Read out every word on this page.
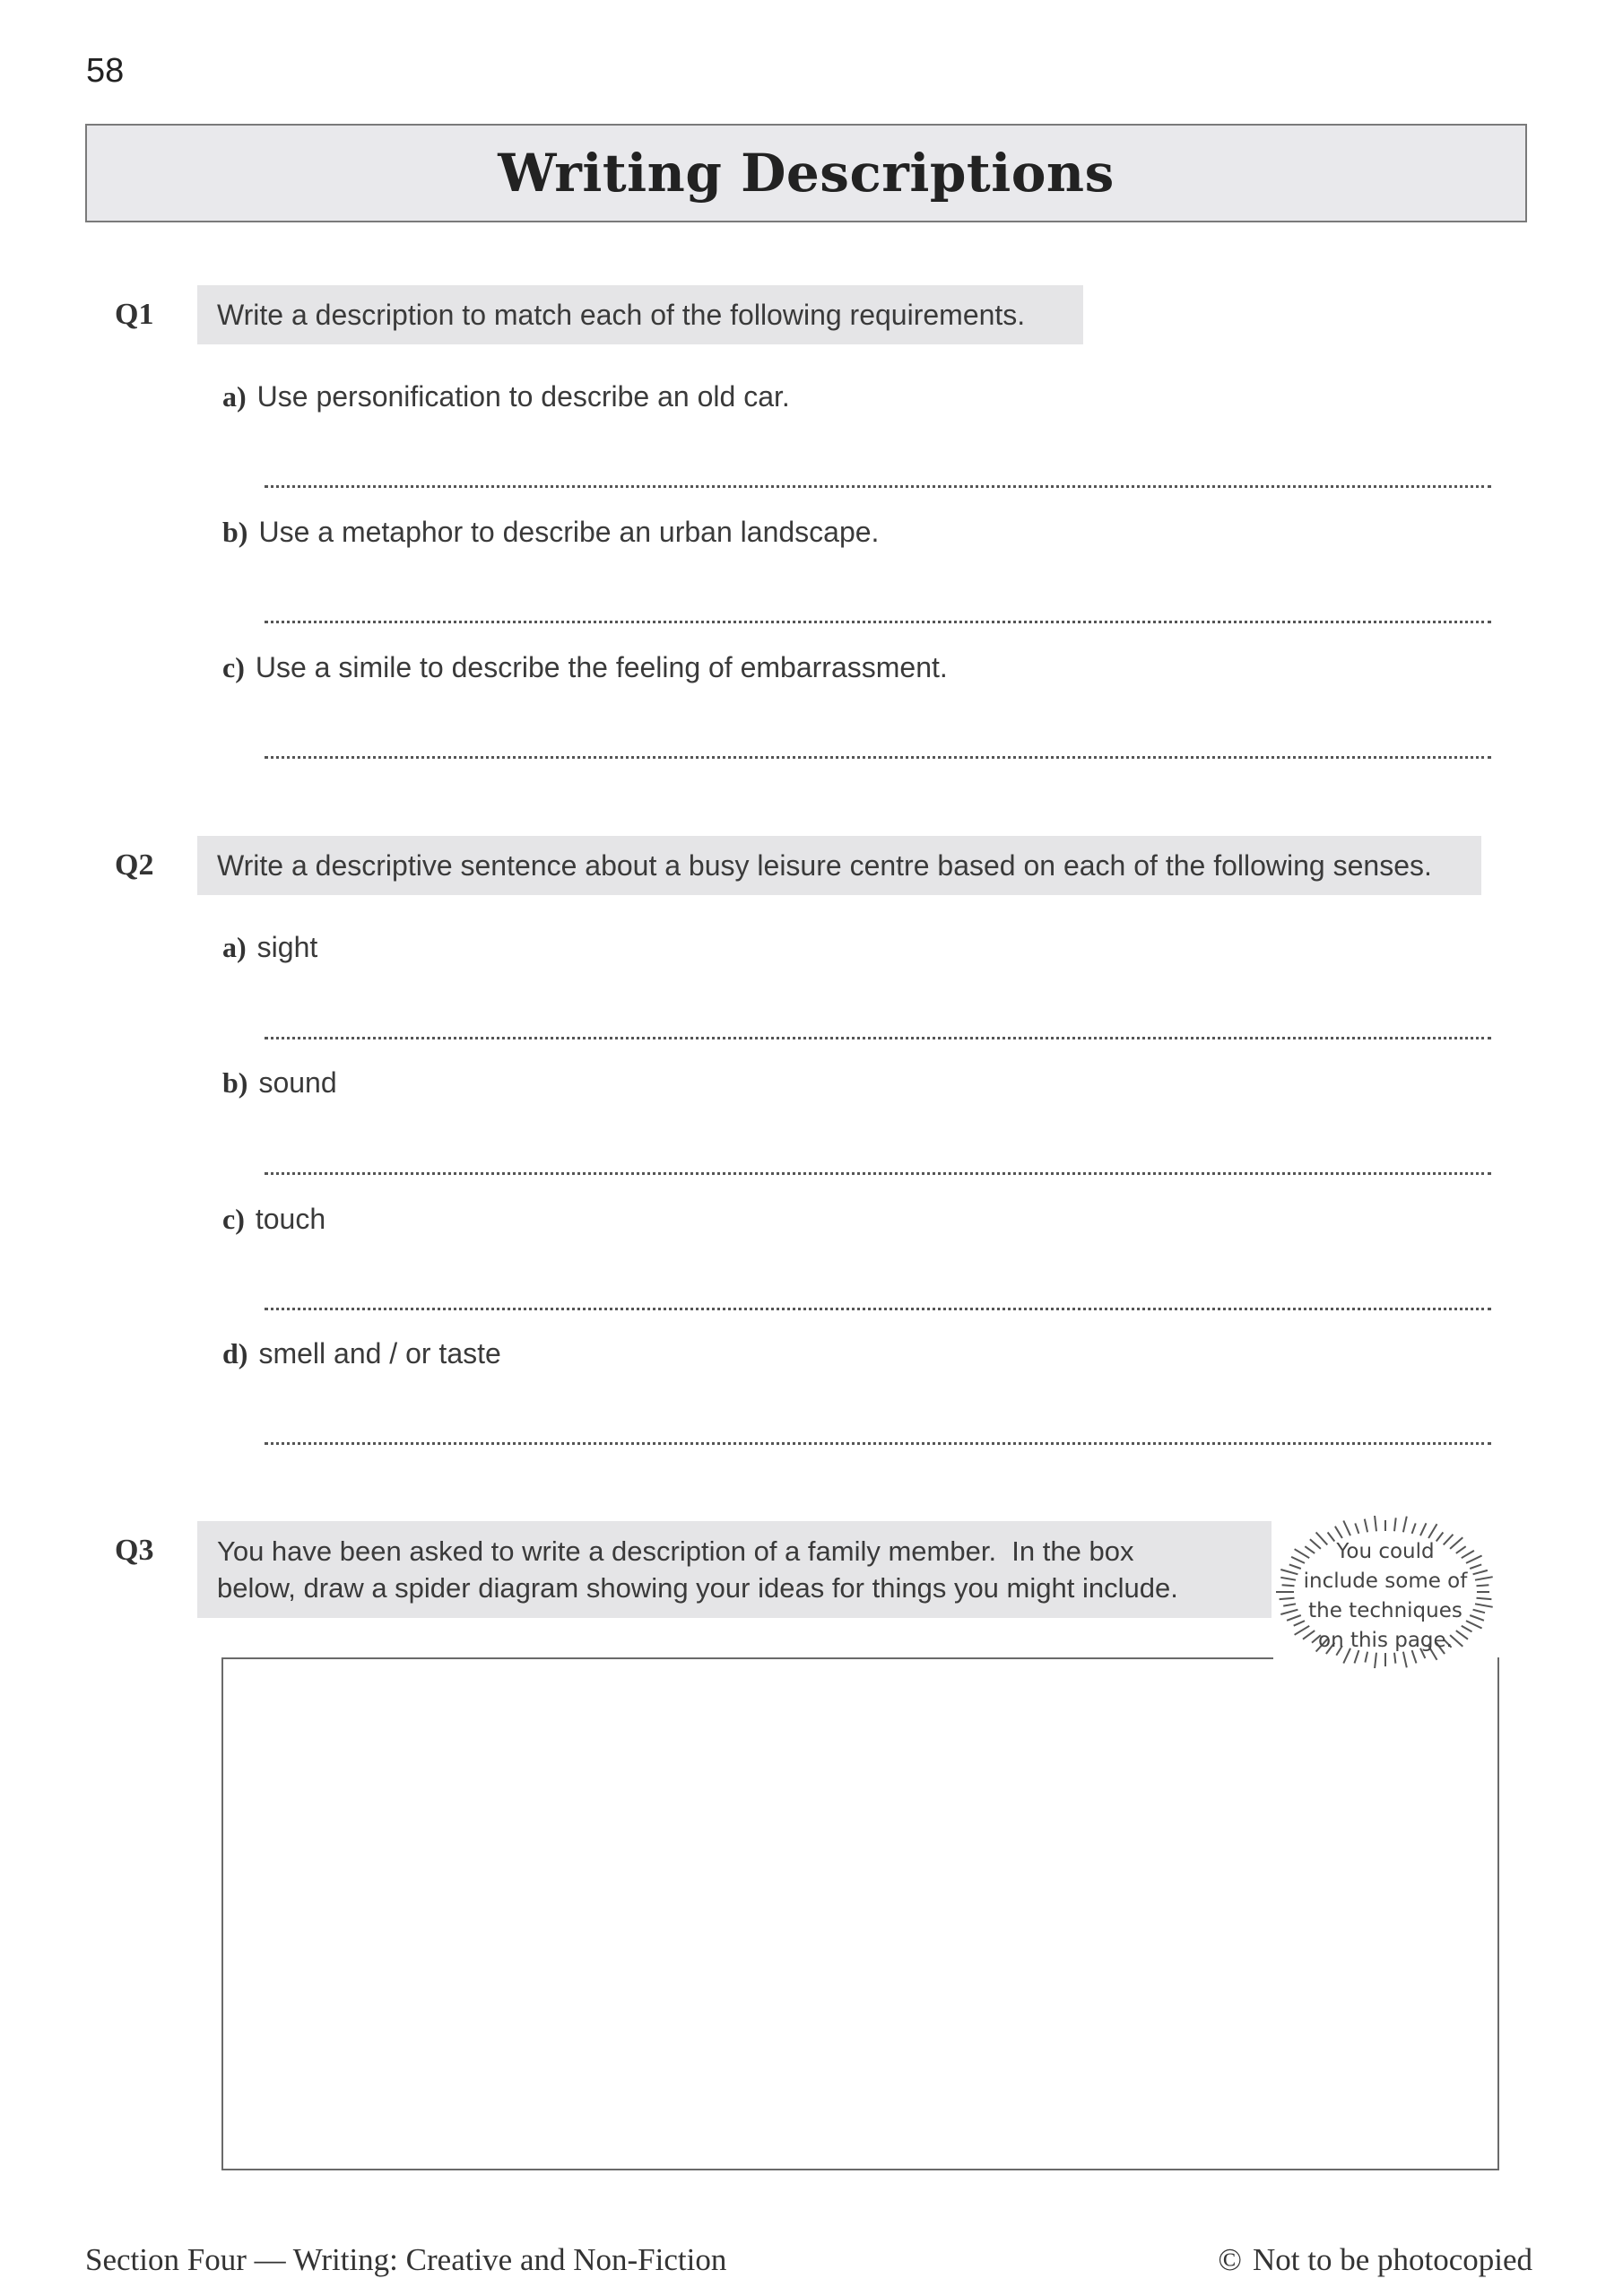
58
Writing Descriptions
Q1 Write a description to match each of the following requirements.
a) Use personification to describe an old car.
b) Use a metaphor to describe an urban landscape.
c) Use a simile to describe the feeling of embarrassment.
Q2 Write a descriptive sentence about a busy leisure centre based on each of the following senses.
a) sight
b) sound
c) touch
d) smell and / or taste
Q3 You have been asked to write a description of a family member.  In the box
below, draw a spider diagram showing your ideas for things you might include.
You could
include some of
the techniques
on this page.
Section Four — Writing: Creative and Non-Fiction	© Not to be photocopied
